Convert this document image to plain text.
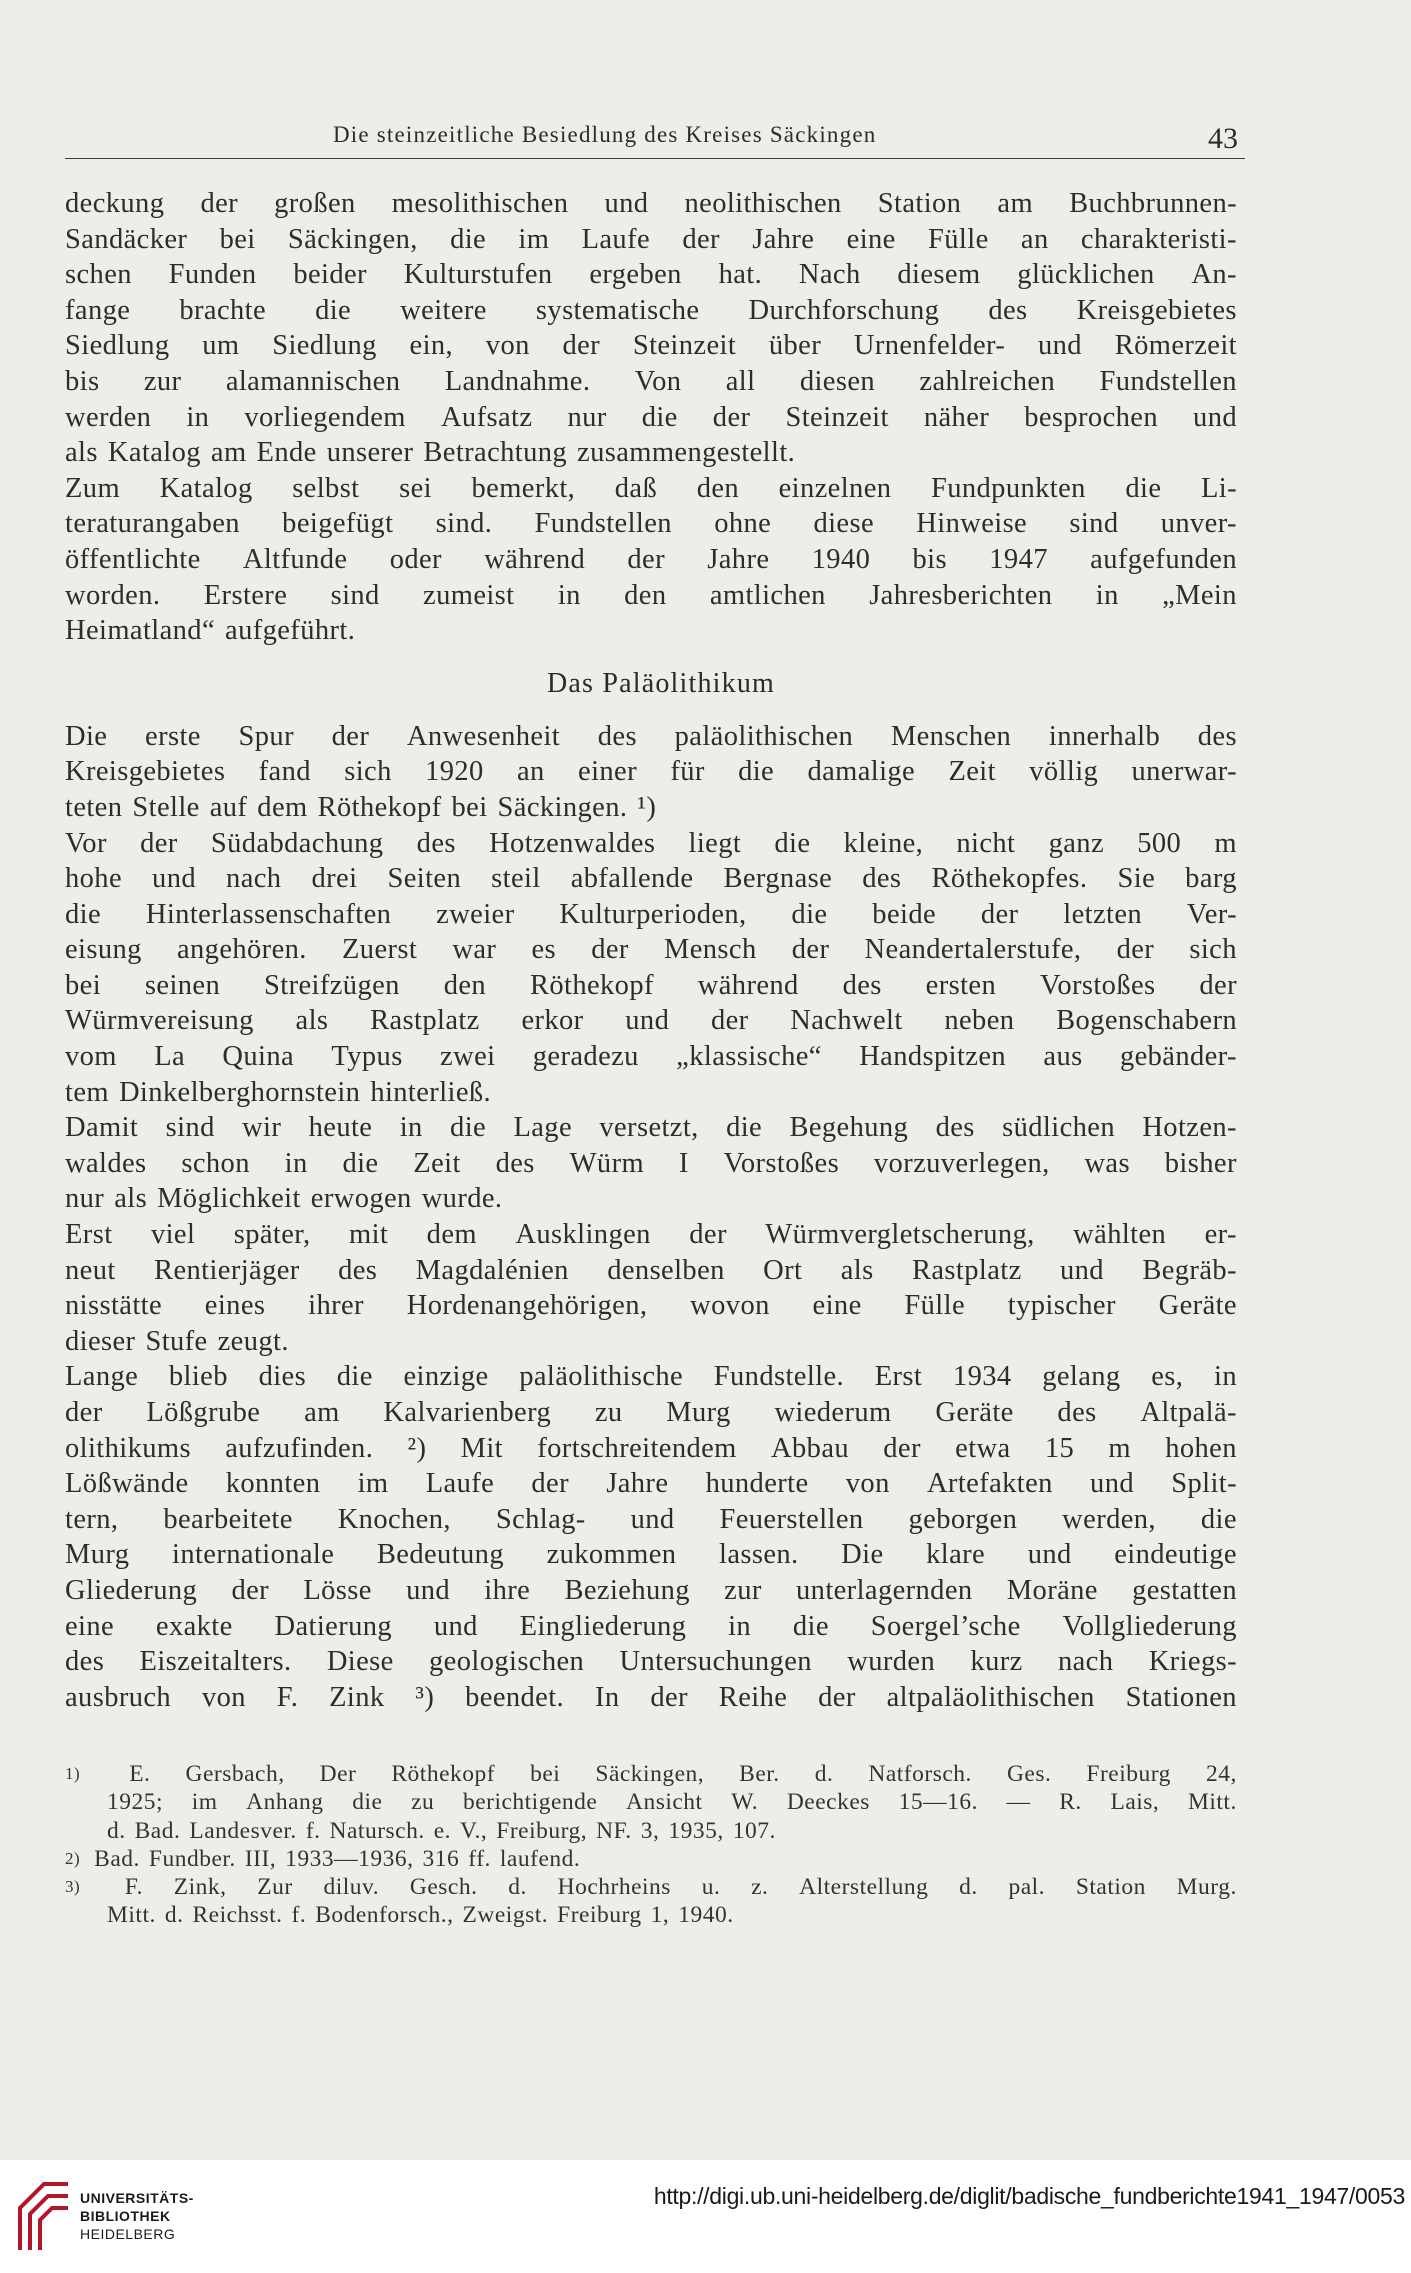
Die steinzeitliche Besiedlung des Kreises Säckingen	43
deckung der großen mesolithischen und neolithischen Station am Buchbrunnen-
Sandäcker bei Säckingen, die im Laufe der Jahre eine Fülle an charakteristi-
schen Funden beider Kulturstufen ergeben hat. Nach diesem glücklichen An-
fange brachte die weitere systematische Durchforschung des Kreisgebietes
Siedlung um Siedlung ein, von der Steinzeit über Urnenfelder- und Römerzeit
bis zur alamannischen Landnahme. Von all diesen zahlreichen Fundstellen
werden in vorliegendem Aufsatz nur die der Steinzeit näher besprochen und
als Katalog am Ende unserer Betrachtung zusammengestellt.
Zum Katalog selbst sei bemerkt, daß den einzelnen Fundpunkten die Li-
teraturangaben beigefügt sind. Fundstellen ohne diese Hinweise sind unver-
öffentlichte Altfunde oder während der Jahre 1940 bis 1947 aufgefunden
worden. Erstere sind zumeist in den amtlichen Jahresberichten in „Mein
Heimatland“ aufgeführt.
Das Paläolithikum
Die erste Spur der Anwesenheit des paläolithischen Menschen innerhalb des
Kreisgebietes fand sich 1920 an einer für die damalige Zeit völlig unerwar-
teten Stelle auf dem Röthekopf bei Säckingen. ¹)
Vor der Südabdachung des Hotzenwaldes liegt die kleine, nicht ganz 500 m
hohe und nach drei Seiten steil abfallende Bergnase des Röthekopfes. Sie barg
die Hinterlassenschaften zweier Kulturperioden, die beide der letzten Ver-
eisung angehören. Zuerst war es der Mensch der Neandertalerstufe, der sich
bei seinen Streifzügen den Röthekopf während des ersten Vorstoßes der
Würmvereisung als Rastplatz erkor und der Nachwelt neben Bogenschabern
vom La Quina Typus zwei geradezu „klassische“ Handspitzen aus gebänder-
tem Dinkelberghornstein hinterließ.
Damit sind wir heute in die Lage versetzt, die Begehung des südlichen Hotzen-
waldes schon in die Zeit des Würm I Vorstoßes vorzuverlegen, was bisher
nur als Möglichkeit erwogen wurde.
Erst viel später, mit dem Ausklingen der Würmvergletscherung, wählten er-
neut Rentierjäger des Magdalénien denselben Ort als Rastplatz und Begräb-
nisstätte eines ihrer Hordenangehörigen, wovon eine Fülle typischer Geräte
dieser Stufe zeugt.
Lange blieb dies die einzige paläolithische Fundstelle. Erst 1934 gelang es, in
der Lößgrube am Kalvarienberg zu Murg wiederum Geräte des Altpalä-
olithikums aufzufinden. ²) Mit fortschreitendem Abbau der etwa 15 m hohen
Lößwände konnten im Laufe der Jahre hunderte von Artefakten und Split-
tern, bearbeitete Knochen, Schlag- und Feuerstellen geborgen werden, die
Murg internationale Bedeutung zukommen lassen. Die klare und eindeutige
Gliederung der Lösse und ihre Beziehung zur unterlagernden Moräne gestatten
eine exakte Datierung und Eingliederung in die Soergel’sche Vollgliederung
des Eiszeitalters. Diese geologischen Untersuchungen wurden kurz nach Kriegs-
ausbruch von F. Zink ³) beendet. In der Reihe der altpaläolithischen Stationen
1) E. Gersbach, Der Röthekopf bei Säckingen, Ber. d. Natforsch. Ges. Freiburg 24,
1925; im Anhang die zu berichtigende Ansicht W. Deeckes 15—16. — R. Lais, Mitt.
d. Bad. Landesver. f. Natursch. e. V., Freiburg, NF. 3, 1935, 107.
2) Bad. Fundber. III, 1933—1936, 316 ff. laufend.
3) F. Zink, Zur diluv. Gesch. d. Hochrheins u. z. Alterstellung d. pal. Station Murg.
Mitt. d. Reichsst. f. Bodenforsch., Zweigst. Freiburg 1, 1940.
UNIVERSITÄTS-
BIBLIOTHEK
HEIDELBERG
http://digi.ub.uni-heidelberg.de/diglit/badische_fundberichte1941_1947/0053
